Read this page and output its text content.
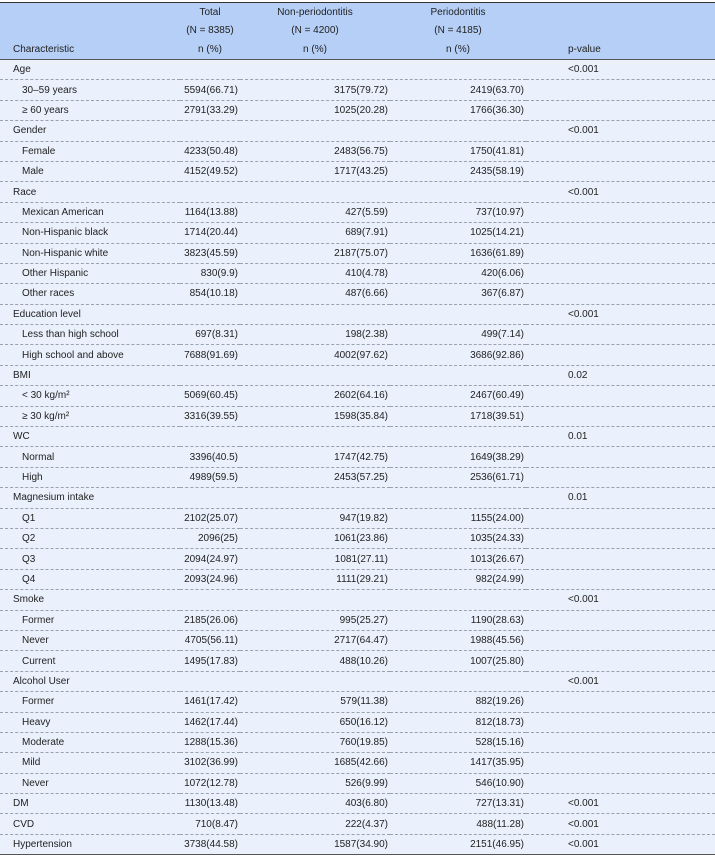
	Total	Non-periodontitis	Periodontitis	
	(N = 8385)	(N = 4200)	(N = 4185)	
Characteristic	n (%)	n (%)	n (%)	p-value
Age				<0.001
30–59 years	5594(66.71)	3175(79.72)	2419(63.70)	
≥ 60 years	2791(33.29)	1025(20.28)	1766(36.30)	
Gender				<0.001
Female	4233(50.48)	2483(56.75)	1750(41.81)	
Male	4152(49.52)	1717(43.25)	2435(58.19)	
Race				<0.001
Mexican American	1164(13.88)	427(5.59)	737(10.97)	
Non-Hispanic black	1714(20.44)	689(7.91)	1025(14.21)	
Non-Hispanic white	3823(45.59)	2187(75.07)	1636(61.89)	
Other Hispanic	830(9.9)	410(4.78)	420(6.06)	
Other races	854(10.18)	487(6.66)	367(6.87)	
Education level				<0.001
Less than high school	697(8.31)	198(2.38)	499(7.14)	
High school and above	7688(91.69)	4002(97.62)	3686(92.86)	
BMI				0.02
< 30 kg/m²	5069(60.45)	2602(64.16)	2467(60.49)	
≥ 30 kg/m²	3316(39.55)	1598(35.84)	1718(39.51)	
WC				0.01
Normal	3396(40.5)	1747(42.75)	1649(38.29)	
High	4989(59.5)	2453(57.25)	2536(61.71)	
Magnesium intake				0.01
Q1	2102(25.07)	947(19.82)	1155(24.00)	
Q2	2096(25)	1061(23.86)	1035(24.33)	
Q3	2094(24.97)	1081(27.11)	1013(26.67)	
Q4	2093(24.96)	1111(29.21)	982(24.99)	
Smoke				<0.001
Former	2185(26.06)	995(25.27)	1190(28.63)	
Never	4705(56.11)	2717(64.47)	1988(45.56)	
Current	1495(17.83)	488(10.26)	1007(25.80)	
Alcohol User				<0.001
Former	1461(17.42)	579(11.38)	882(19.26)	
Heavy	1462(17.44)	650(16.12)	812(18.73)	
Moderate	1288(15.36)	760(19.85)	528(15.16)	
Mild	3102(36.99)	1685(42.66)	1417(35.95)	
Never	1072(12.78)	526(9.99)	546(10.90)	
DM	1130(13.48)	403(6.80)	727(13.31)	<0.001
CVD	710(8.47)	222(4.37)	488(11.28)	<0.001
Hypertension	3738(44.58)	1587(34.90)	2151(46.95)	<0.001
